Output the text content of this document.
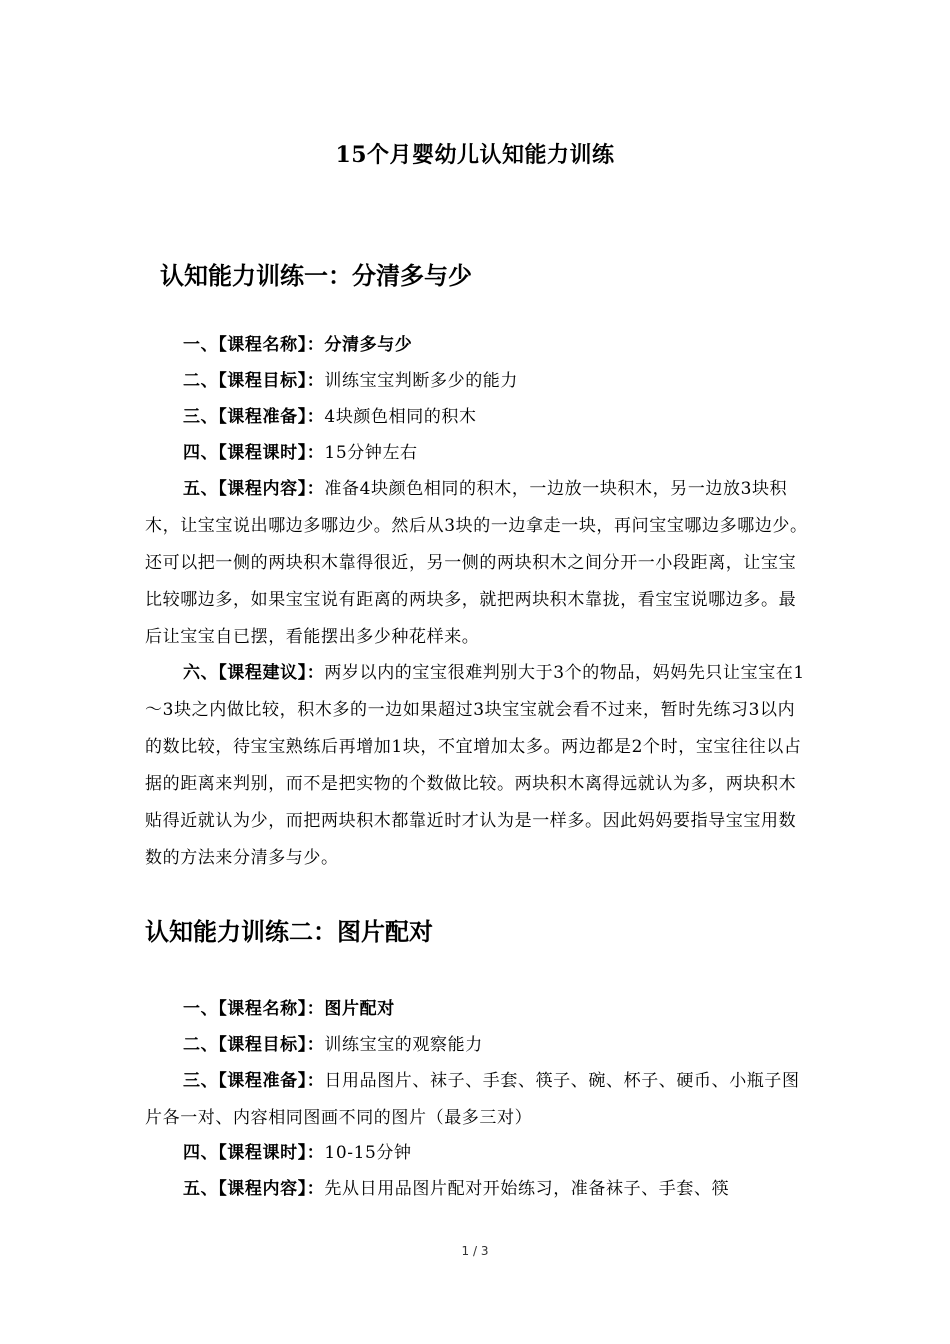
15个月婴幼儿认知能力训练
认知能力训练一：分清多与少
一、【课程名称】：分清多与少
二、【课程目标】：训练宝宝判断多少的能力
三、【课程准备】：4块颜色相同的积木
四、【课程课时】：15分钟左右
五、【课程内容】：准备4块颜色相同的积木，一边放一块积木，另一边放3块积木，让宝宝说出哪边多哪边少。然后从3块的一边拿走一块，再问宝宝哪边多哪边少。还可以把一侧的两块积木靠得很近，另一侧的两块积木之间分开一小段距离，让宝宝比较哪边多，如果宝宝说有距离的两块多，就把两块积木靠拢，看宝宝说哪边多。最后让宝宝自已摆，看能摆出多少种花样来。
六、【课程建议】：两岁以内的宝宝很难判别大于3个的物品，妈妈先只让宝宝在1～3块之内做比较，积木多的一边如果超过3块宝宝就会看不过来，暂时先练习3以内的数比较，待宝宝熟练后再增加1块，不宜增加太多。两边都是2个时，宝宝往往以占据的距离来判别，而不是把实物的个数做比较。两块积木离得远就认为多，两块积木贴得近就认为少，而把两块积木都靠近时才认为是一样多。因此妈妈要指导宝宝用数数的方法来分清多与少。
认知能力训练二：图片配对
一、【课程名称】：图片配对
二、【课程目标】：训练宝宝的观察能力
三、【课程准备】：日用品图片、袜子、手套、筷子、碗、杯子、硬币、小瓶子图片各一对、内容相同图画不同的图片（最多三对）
四、【课程课时】：10-15分钟
五、【课程内容】：先从日用品图片配对开始练习，准备袜子、手套、筷
1 / 3
